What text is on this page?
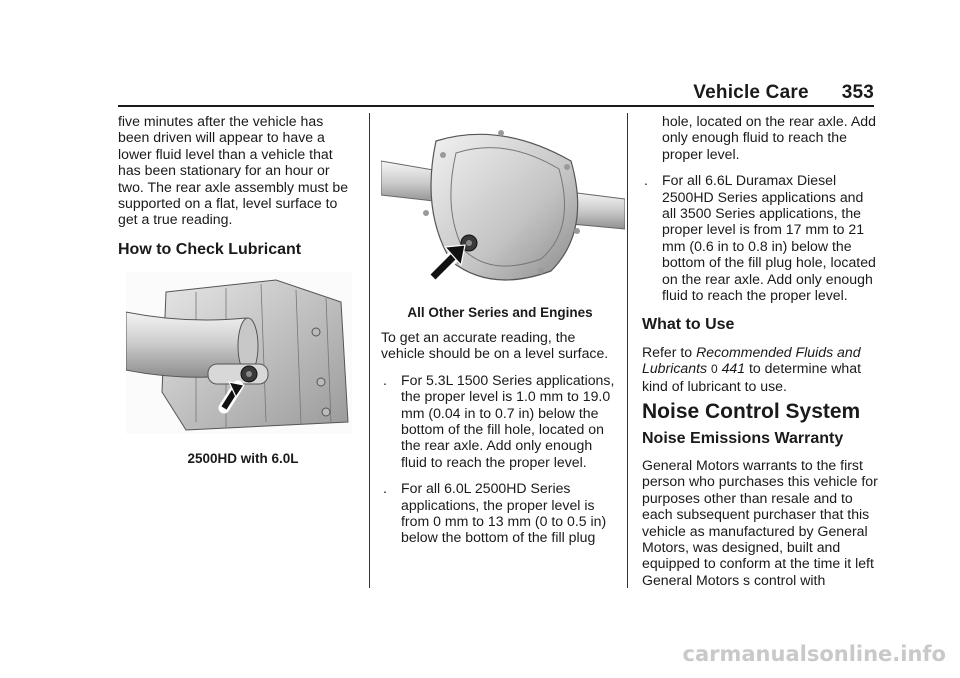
Vehicle Care 353

five minutes after the vehicle has been driven will appear to have a lower fluid level than a vehicle that has been stationary for an hour or two. The rear axle assembly must be supported on a flat, level surface to get a true reading.

How to Check Lubricant
2500HD with 6.0L
All Other Series and Engines

To get an accurate reading, the vehicle should be on a level surface.

. For 5.3L 1500 Series applications, the proper level is 1.0 mm to 19.0 mm (0.04 in to 0.7 in) below the bottom of the fill hole, located on the rear axle. Add only enough fluid to reach the proper level.
. For all 6.0L 2500HD Series applications, the proper level is from 0 mm to 13 mm (0 to 0.5 in) below the bottom of the fill plug
hole, located on the rear axle. Add only enough fluid to reach the proper level.
. For all 6.6L Duramax Diesel 2500HD Series applications and all 3500 Series applications, the proper level is from 17 mm to 21 mm (0.6 in to 0.8 in) below the bottom of the fill plug hole, located on the rear axle. Add only enough fluid to reach the proper level.
What to Use

Refer to Recommended Fluids and Lubricants 0 441 to determine what kind of lubricant to use.

Noise Control System
Noise Emissions Warranty

General Motors warrants to the first person who purchases this vehicle for purposes other than resale and to each subsequent purchaser that this vehicle as manufactured by General Motors, was designed, built and equipped to conform at the time it left General Motors s control with

carmanualsonline.info
